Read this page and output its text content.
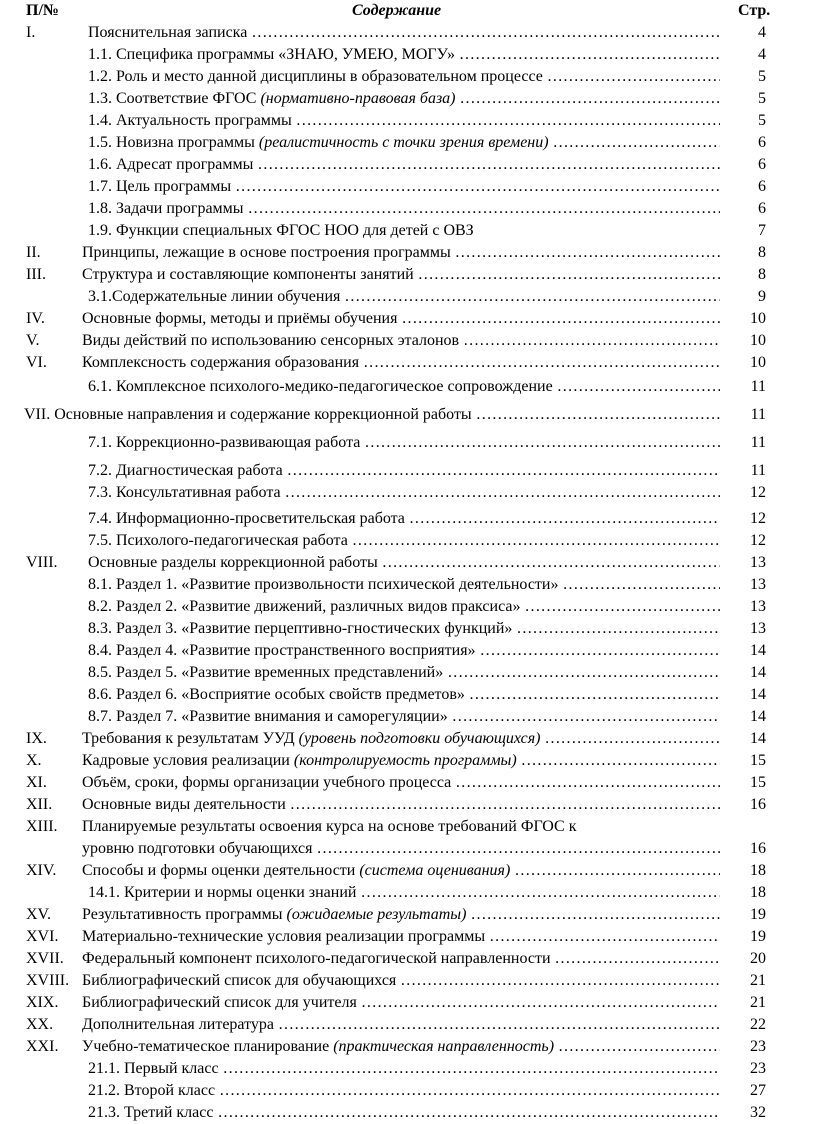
П/№	Содержание	Стр.
I.	Пояснительная записка ……………………………………………………………………………………………………………………………………………………………………	4
1.1. Специфика программы «ЗНАЮ, УМЕЮ, МОГУ» ……………………………………………………………………………………………………………………………………………………………………	4
1.2. Роль и место данной дисциплины в образовательном процессе ……………………………………………………………………………………………………………………………………………………………………	5
1.3. Соответствие ФГОС (нормативно-правовая база) ……………………………………………………………………………………………………………………………………………………………………	5
1.4. Актуальность программы ……………………………………………………………………………………………………………………………………………………………………	5
1.5. Новизна программы (реалистичность с точки зрения времени) ……………………………………………………………………………………………………………………………………………………………………	6
1.6. Адресат программы ……………………………………………………………………………………………………………………………………………………………………	6
1.7. Цель программы ……………………………………………………………………………………………………………………………………………………………………	6
1.8. Задачи программы ……………………………………………………………………………………………………………………………………………………………………	6
1.9. Функции специальных ФГОС НОО для детей с ОВЗ	7
II.	Принципы, лежащие в основе построения программы ……………………………………………………………………………………………………………………………………………………………………	8
III. Структура и составляющие компоненты занятий ……………………………………………………………………………………………………………………………………………………………………	8
3.1.Содержательные линии обучения ……………………………………………………………………………………………………………………………………………………………………	9
IV. Основные формы, методы и приёмы обучения ……………………………………………………………………………………………………………………………………………………………………	10
V.	Виды действий по использованию сенсорных эталонов ……………………………………………………………………………………………………………………………………………………………………	10
VI. Комплексность содержания образования ……………………………………………………………………………………………………………………………………………………………………	10
6.1. Комплексное психолого-медико-педагогическое сопровождение ……………………………………………………………………………………………………………………………………………………………………	11
VII. Основные направления и содержание коррекционной работы ……………………………………………………………………………………………………………………………………………………………………	11
7.1. Коррекционно-развивающая работа ……………………………………………………………………………………………………………………………………………………………………	11
7.2. Диагностическая работа ……………………………………………………………………………………………………………………………………………………………………	11
7.3. Консультативная работа ……………………………………………………………………………………………………………………………………………………………………	12
7.4. Информационно-просветительская работа ……………………………………………………………………………………………………………………………………………………………………	12
7.5. Психолого-педагогическая работа ……………………………………………………………………………………………………………………………………………………………………	12
VIII. Основные разделы коррекционной работы ……………………………………………………………………………………………………………………………………………………………………	13
8.1. Раздел 1. «Развитие произвольности психической деятельности» ……………………………………………………………………………………………………………………………………………………………………	13
8.2. Раздел 2. «Развитие движений, различных видов праксиса» ……………………………………………………………………………………………………………………………………………………………………	13
8.3. Раздел 3. «Развитие перцептивно-гностических функций» ……………………………………………………………………………………………………………………………………………………………………	13
8.4. Раздел 4. «Развитие пространственного восприятия» ……………………………………………………………………………………………………………………………………………………………………	14
8.5. Раздел 5. «Развитие временных представлений» ……………………………………………………………………………………………………………………………………………………………………	14
8.6. Раздел 6. «Восприятие особых свойств предметов» ……………………………………………………………………………………………………………………………………………………………………	14
8.7. Раздел 7. «Развитие внимания и саморегуляции» ……………………………………………………………………………………………………………………………………………………………………	14
IX. Требования к результатам УУД (уровень подготовки обучающихся) ……………………………………………………………………………………………………………………………………………………………………	14
X.	Кадровые условия реализации (контролируемость программы) ……………………………………………………………………………………………………………………………………………………………………	15
XI. Объём, сроки, формы организации учебного процесса ……………………………………………………………………………………………………………………………………………………………………	15
XII. Основные виды деятельности ……………………………………………………………………………………………………………………………………………………………………	16
XIII. Планируемые результаты освоения курса на основе требований ФГОС к
уровню подготовки обучающихся ……………………………………………………………………………………………………………………………………………………………………	16
XIV. Способы и формы оценки деятельности (система оценивания) ……………………………………………………………………………………………………………………………………………………………………	18
14.1. Критерии и нормы оценки знаний ……………………………………………………………………………………………………………………………………………………………………	18
XV. Результативность программы (ожидаемые результаты) ……………………………………………………………………………………………………………………………………………………………………	19
XVI. Материально-технические условия реализации программы ……………………………………………………………………………………………………………………………………………………………………	19
XVII. Федеральный компонент психолого-педагогической направленности ……………………………………………………………………………………………………………………………………………………………………	20
XVIII. Библиографический список для обучающихся ……………………………………………………………………………………………………………………………………………………………………	21
XIX. Библиографический список для учителя ……………………………………………………………………………………………………………………………………………………………………	21
XX. Дополнительная литература ……………………………………………………………………………………………………………………………………………………………………	22
XXI. Учебно-тематическое планирование (практическая направленность) ……………………………………………………………………………………………………………………………………………………………………	23
21.1. Первый класс ……………………………………………………………………………………………………………………………………………………………………	23
21.2. Второй класс ……………………………………………………………………………………………………………………………………………………………………	27
21.3. Третий класс ……………………………………………………………………………………………………………………………………………………………………	32
